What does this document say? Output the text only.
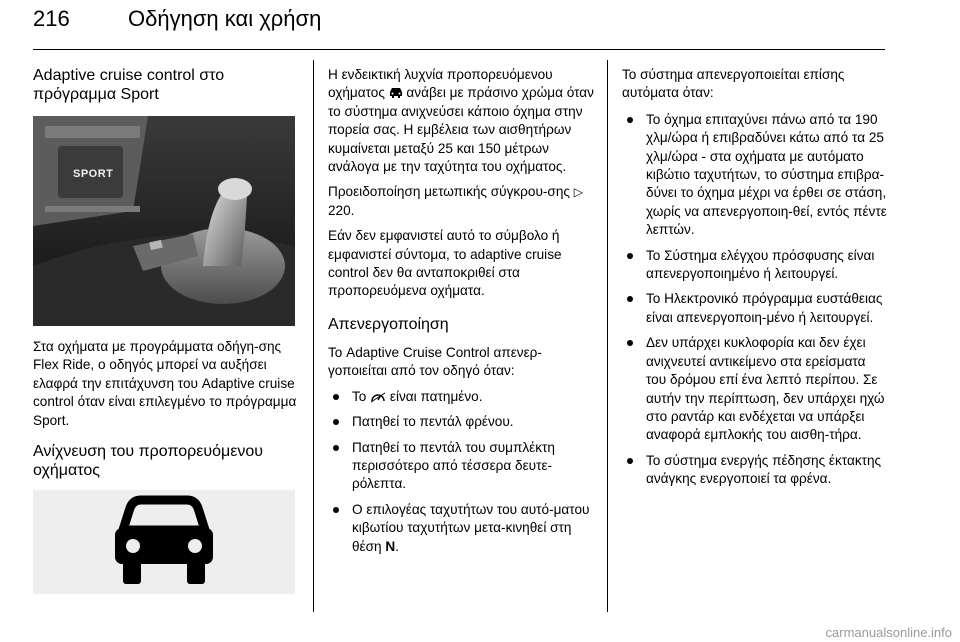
216	Οδήγηση και χρήση
Adaptive cruise control στο πρόγραμμα Sport
SPORT

Στα οχήματα με προγράμματα οδήγη-σης Flex Ride, ο οδηγός μπορεί να αυξήσει ελαφρά την επιτάχυνση του Adaptive cruise control όταν είναι επιλεγμένο το πρόγραμμα Sport.

Ανίχνευση του προπορευόμενου οχήματος

Η ενδεικτική λυχνία προπορευόμενου οχήματος  ανάβει με πράσινο χρώμα όταν το σύστημα ανιχνεύσει κάποιο όχημα στην πορεία σας. Η εμβέλεια των αισθητήρων κυμαίνεται μεταξύ 25 και 150 μέτρων ανάλογα με την ταχύτητα του οχήματος.

Προειδοποίηση μετωπικής σύγκρου-σης ▷ 220.

Εάν δεν εμφανιστεί αυτό το σύμβολο ή εμφανιστεί σύντομα, το adaptive cruise control δεν θα ανταποκριθεί στα προπορευόμενα οχήματα.

Απενεργοποίηση

Το Adaptive Cruise Control απενερ-γοποιείται από τον οδηγό όταν:

Το  είναι πατημένο.
Πατηθεί το πεντάλ φρένου.
Πατηθεί το πεντάλ του συμπλέκτη περισσότερο από τέσσερα δευτε-ρόλεπτα.
Ο επιλογέας ταχυτήτων του αυτό-ματου κιβωτίου ταχυτήτων μετα-κινηθεί στη θέση N.

Το σύστημα απενεργοποιείται επίσης αυτόματα όταν:

Το όχημα επιταχύνει πάνω από τα 190 χλμ/ώρα ή επιβραδύνει κάτω από τα 25 χλμ/ώρα - στα οχήματα με αυτόματο κιβώτιο ταχυτήτων, το σύστημα επιβρα-δύνει το όχημα μέχρι να έρθει σε στάση, χωρίς να απενεργοποιη-θεί, εντός πέντε λεπτών.
Το Σύστημα ελέγχου πρόσφυσης είναι απενεργοποιημένο ή λειτουργεί.
Το Ηλεκτρονικό πρόγραμμα ευστάθειας είναι απενεργοποιη-μένο ή λειτουργεί.
Δεν υπάρχει κυκλοφορία και δεν έχει ανιχνευτεί αντικείμενο στα ερείσματα του δρόμου επί ένα λεπτό περίπου. Σε αυτήν την περίπτωση, δεν υπάρχει ηχώ στο ραντάρ και ενδέχεται να υπάρξει αναφορά εμπλοκής του αισθη-τήρα.
Το σύστημα ενεργής πέδησης έκτακτης ανάγκης ενεργοποιεί τα φρένα.
carmanualsonline.info
